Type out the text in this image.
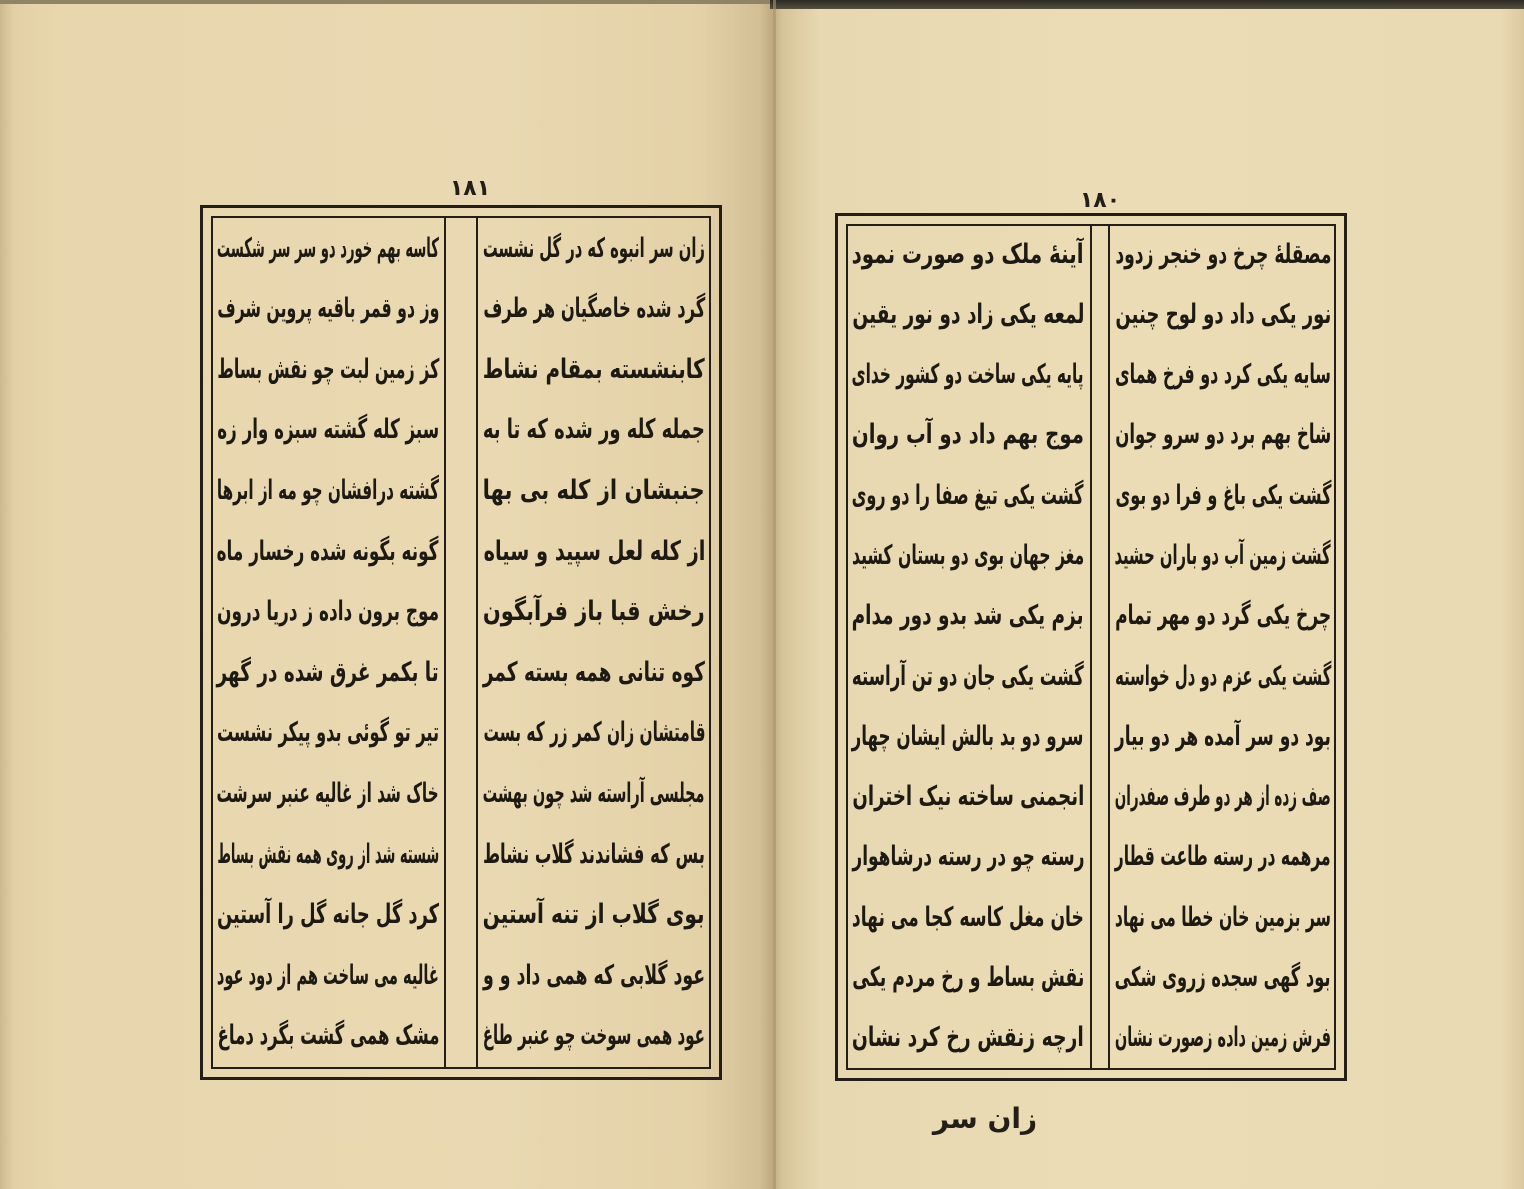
۱۸۱
زان سر انبوه که در گل نشست
گرد شده خاصگیان هر طرف
کابنشسته بمقام نشاط
جمله کله ور شده که تا به
جنبشان از کله بی بها
از کله لعل سپید و سیاه
رخش قبا باز فرآبگون
کوه تنانی همه بسته کمر
قامتشان زان کمر زر که بست
مجلسی آراسته شد چون بهشت
بس که فشاندند گلاب نشاط
بوی گلاب از تنه آستین
عود گلابی که همی داد و و
عود همی سوخت چو عنبر طاغ
کاسه بهم خورد دو سر سر شکست
وز دو قمر باقیه پروین شرف
کز زمین لبت چو نقش بساط
سبز کله گشته سبزه وار زه
گشته درافشان چو مه از ابرها
گونه بگونه شده رخسار ماه
موج برون داده ز دریا درون
تا بکمر غرق شده در گهر
تیر تو گوئی بدو پیکر نشست
خاک شد از غالیه عنبر سرشت
شسته شد از روی همه نقش بساط
کرد گل جانه گل را آستین
غالیه می ساخت هم از دود عود
مشک همی گشت بگرد دماغ
۱۸۰
مصقلهٔ چرخ دو خنجر زدود
نور یکی داد دو لوح چنین
سایه یکی کرد دو فرخ همای
شاخ بهم برد دو سرو جوان
گشت یکی باغ و فرا دو بوی
گشت زمین آب دو باران حشید
چرخ یکی گرد دو مهر تمام
گشت یکی عزم دو دل خواسته
بود دو سر آمده هر دو بیار
صف زده از هر دو طرف صفدران
مرهمه در رسته طاعت قطار
سر بزمین خان خطا می نهاد
بود گهی سجده زروی شکی
فرش زمین داده زصورت نشان
آینهٔ ملک دو صورت نمود
لمعه یکی زاد دو نور یقین
پایه یکی ساخت دو کشور خدای
موج بهم داد دو آب روان
گشت یکی تیغ صفا را دو روی
مغز جهان بوی دو بستان کشید
بزم یکی شد بدو دور مدام
گشت یکی جان دو تن آراسته
سرو دو بد بالش ایشان چهار
انجمنی ساخته نیک اختران
رسته چو در رسته درشاهوار
خان مغل کاسه کجا می نهاد
نقش بساط و رخ مردم یکی
ارچه زنقش رخ کرد نشان
زان سر
